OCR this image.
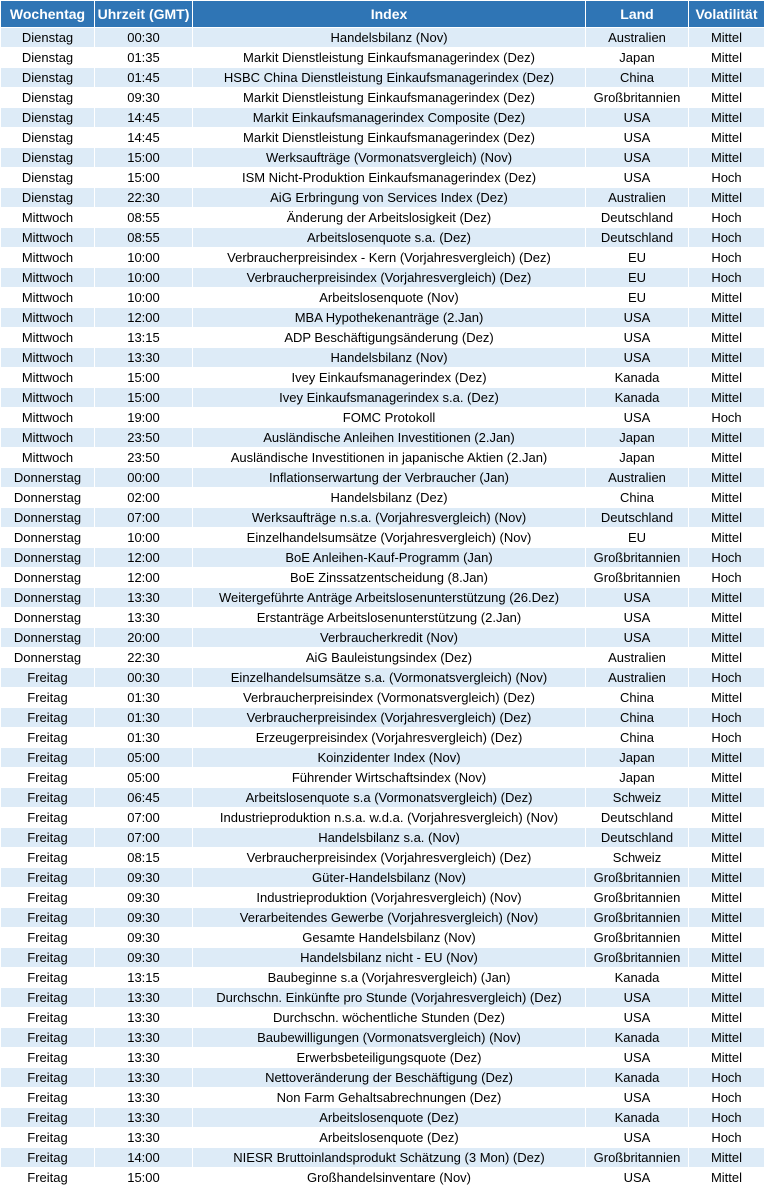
Wochentag	Uhrzeit (GMT)	Index	Land	Volatilität
Dienstag	00:30	Handelsbilanz (Nov)	Australien	Mittel
Dienstag	01:35	Markit Dienstleistung Einkaufsmanagerindex (Dez)	Japan	Mittel
Dienstag	01:45	HSBC China Dienstleistung Einkaufsmanagerindex (Dez)	China	Mittel
Dienstag	09:30	Markit Dienstleistung Einkaufsmanagerindex (Dez)	Großbritannien	Mittel
Dienstag	14:45	Markit Einkaufsmanagerindex Composite (Dez)	USA	Mittel
Dienstag	14:45	Markit Dienstleistung Einkaufsmanagerindex (Dez)	USA	Mittel
Dienstag	15:00	Werksaufträge (Vormonatsvergleich) (Nov)	USA	Mittel
Dienstag	15:00	ISM Nicht-Produktion Einkaufsmanagerindex (Dez)	USA	Hoch
Dienstag	22:30	AiG Erbringung von Services Index (Dez)	Australien	Mittel
Mittwoch	08:55	Änderung der Arbeitslosigkeit (Dez)	Deutschland	Hoch
Mittwoch	08:55	Arbeitslosenquote s.a. (Dez)	Deutschland	Hoch
Mittwoch	10:00	Verbraucherpreisindex - Kern (Vorjahresvergleich) (Dez)	EU	Hoch
Mittwoch	10:00	Verbraucherpreisindex (Vorjahresvergleich) (Dez)	EU	Hoch
Mittwoch	10:00	Arbeitslosenquote (Nov)	EU	Mittel
Mittwoch	12:00	MBA Hypothekenanträge (2.Jan)	USA	Mittel
Mittwoch	13:15	ADP Beschäftigungsänderung (Dez)	USA	Mittel
Mittwoch	13:30	Handelsbilanz (Nov)	USA	Mittel
Mittwoch	15:00	Ivey Einkaufsmanagerindex (Dez)	Kanada	Mittel
Mittwoch	15:00	Ivey Einkaufsmanagerindex s.a. (Dez)	Kanada	Mittel
Mittwoch	19:00	FOMC Protokoll	USA	Hoch
Mittwoch	23:50	Ausländische Anleihen Investitionen (2.Jan)	Japan	Mittel
Mittwoch	23:50	Ausländische Investitionen in japanische Aktien (2.Jan)	Japan	Mittel
Donnerstag	00:00	Inflationserwartung der Verbraucher (Jan)	Australien	Mittel
Donnerstag	02:00	Handelsbilanz (Dez)	China	Mittel
Donnerstag	07:00	Werksaufträge n.s.a. (Vorjahresvergleich) (Nov)	Deutschland	Mittel
Donnerstag	10:00	Einzelhandelsumsätze (Vorjahresvergleich) (Nov)	EU	Mittel
Donnerstag	12:00	BoE Anleihen-Kauf-Programm (Jan)	Großbritannien	Hoch
Donnerstag	12:00	BoE Zinssatzentscheidung (8.Jan)	Großbritannien	Hoch
Donnerstag	13:30	Weitergeführte Anträge Arbeitslosenunterstützung (26.Dez)	USA	Mittel
Donnerstag	13:30	Erstanträge Arbeitslosenunterstützung (2.Jan)	USA	Mittel
Donnerstag	20:00	Verbraucherkredit (Nov)	USA	Mittel
Donnerstag	22:30	AiG Bauleistungsindex (Dez)	Australien	Mittel
Freitag	00:30	Einzelhandelsumsätze s.a. (Vormonatsvergleich) (Nov)	Australien	Hoch
Freitag	01:30	Verbraucherpreisindex (Vormonatsvergleich) (Dez)	China	Mittel
Freitag	01:30	Verbraucherpreisindex (Vorjahresvergleich) (Dez)	China	Hoch
Freitag	01:30	Erzeugerpreisindex (Vorjahresvergleich) (Dez)	China	Hoch
Freitag	05:00	Koinzidenter Index (Nov)	Japan	Mittel
Freitag	05:00	Führender Wirtschaftsindex (Nov)	Japan	Mittel
Freitag	06:45	Arbeitslosenquote s.a (Vormonatsvergleich) (Dez)	Schweiz	Mittel
Freitag	07:00	Industrieproduktion n.s.a. w.d.a. (Vorjahresvergleich) (Nov)	Deutschland	Mittel
Freitag	07:00	Handelsbilanz s.a. (Nov)	Deutschland	Mittel
Freitag	08:15	Verbraucherpreisindex (Vorjahresvergleich) (Dez)	Schweiz	Mittel
Freitag	09:30	Güter-Handelsbilanz (Nov)	Großbritannien	Mittel
Freitag	09:30	Industrieproduktion (Vorjahresvergleich) (Nov)	Großbritannien	Mittel
Freitag	09:30	Verarbeitendes Gewerbe (Vorjahresvergleich) (Nov)	Großbritannien	Mittel
Freitag	09:30	Gesamte Handelsbilanz (Nov)	Großbritannien	Mittel
Freitag	09:30	Handelsbilanz nicht - EU (Nov)	Großbritannien	Mittel
Freitag	13:15	Baubeginne s.a (Vorjahresvergleich) (Jan)	Kanada	Mittel
Freitag	13:30	Durchschn. Einkünfte pro Stunde (Vorjahresvergleich) (Dez)	USA	Mittel
Freitag	13:30	Durchschn. wöchentliche Stunden (Dez)	USA	Mittel
Freitag	13:30	Baubewilligungen (Vormonatsvergleich) (Nov)	Kanada	Mittel
Freitag	13:30	Erwerbsbeteiligungsquote (Dez)	USA	Mittel
Freitag	13:30	Nettoveränderung der Beschäftigung (Dez)	Kanada	Hoch
Freitag	13:30	Non Farm Gehaltsabrechnungen (Dez)	USA	Hoch
Freitag	13:30	Arbeitslosenquote (Dez)	Kanada	Hoch
Freitag	13:30	Arbeitslosenquote (Dez)	USA	Hoch
Freitag	14:00	NIESR Bruttoinlandsprodukt Schätzung (3 Mon) (Dez)	Großbritannien	Mittel
Freitag	15:00	Großhandelsinventare (Nov)	USA	Mittel
